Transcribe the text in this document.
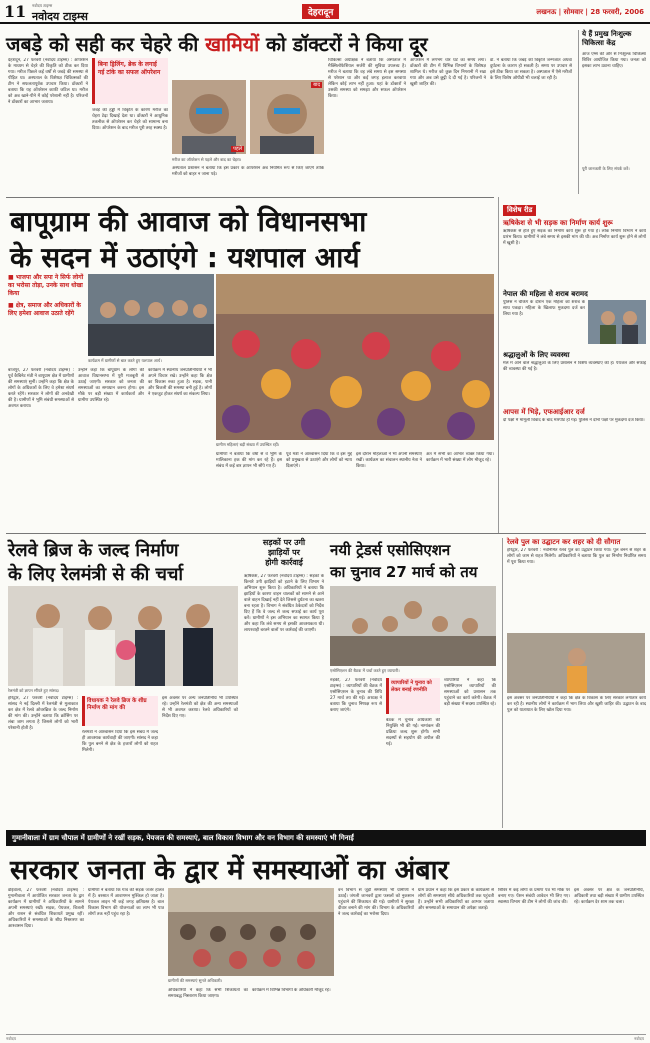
11 नवोदय टाइम्स
नवोदय टाइम्स	देहरादून	लखनऊ | सोमवार | 28 फरवरी, 2006
जबड़े को सही कर चेहरे की खामियों को डॉक्टरों ने किया दूर
देहरादून, 27 फरवरी (नवोदय टाइम्स) : ऑपरेशन के माध्यम से चेहरे की विकृति को ठीक कर दिया गया। मरीज पिछले कई वर्षों से जबड़े की समस्या से पीड़ित था। अस्पताल के विशेषज्ञ चिकित्सकों की टीम ने सफलतापूर्वक उपचार किया। डॉक्टरों ने बताया कि यह ऑपरेशन काफी जटिल था। मरीज को अब खाने-पीने में कोई परेशानी नहीं है। परिजनों ने डॉक्टरों का आभार जताया।
बिना ड्रिलिंग, ब्रेक के लगाई गई टांके का सफल ऑपरेशन
जबड़े की हड्डी में विकृति के कारण मरीज का चेहरा टेढ़ा दिखाई देता था। डॉक्टरों ने आधुनिक तकनीक से ऑपरेशन कर चेहरे को सामान्य बना दिया। ऑपरेशन के बाद मरीज पूरी तरह स्वस्थ है।
पहले
बाद
मरीज का ऑपरेशन से पहले और बाद का चेहरा।
अस्पताल प्रशासन ने बताया कि इस प्रकार के ऑपरेशन अब नियमित रूप से किए जाएंगे ताकि मरीजों को बाहर न जाना पड़े।
चिकित्सा अधीक्षक ने बताया कि अस्पताल में मैक्सिलोफेशियल सर्जरी की सुविधा उपलब्ध है। मरीज ने बताया कि वह लंबे समय से इस समस्या से परेशान था और कई जगह इलाज करवाया लेकिन कोई लाभ नहीं हुआ। यहां के डॉक्टरों ने उसकी समस्या को समझा और सफल ऑपरेशन किया।
ऑपरेशन में लगभग चार घंटे का समय लगा। डॉक्टरों की टीम में विभिन्न विभागों के विशेषज्ञ शामिल थे। मरीज को कुछ दिन निगरानी में रखा गया और अब उसे छुट्टी दे दी गई है। परिजनों ने खुशी जाहिर की।
डॉ. ने बताया कि जबड़े की विकृति जन्मजात अथवा दुर्घटना के कारण हो सकती है। समय पर उपचार से इसे ठीक किया जा सकता है। अस्पताल में ऐसे मरीजों के लिए विशेष ओपीडी भी चलाई जा रही है।
ये हैं प्रमुख निःशुल्क चिकित्सा केंद्र
आज एम्स की ओर से निःशुल्क चिकित्सा शिविर आयोजित किया गया। जनता को इसका लाभ उठाना चाहिए।
पूरी जानकारी के लिए संपर्क करें।
बापूग्राम की आवाज को विधानसभा
के सदन में उठाएंगे : यशपाल आर्य
■ भाजपा और सपा ने सिर्फ लोगों का भरोसा तोड़ा, उनके साथ धोखा किया
■ क्षेत्र, समाज और अधिकारों के लिए हमेशा आवाज उठाते रहेंगे
कार्यक्रम में ग्रामीणों से बात करते हुए यशपाल आर्य।
ग्रामीण महिलाएं बड़ी संख्या में उपस्थित रहीं।
बाजपुर, 27 फरवरी (नवोदय टाइम्स) : पूर्व कैबिनेट मंत्री ने बापूग्राम क्षेत्र में ग्रामीणों की समस्याएं सुनीं। उन्होंने कहा कि क्षेत्र के लोगों के अधिकारों के लिए वे हमेशा संघर्ष करते रहेंगे। सरकार ने लोगों की अनदेखी की है। ग्रामीणों ने भूमि संबंधी समस्याओं से अवगत कराया।
उन्होंने कहा कि बापूग्राम के लोगों की आवाज विधानसभा में पूरी मजबूती से उठाई जाएगी। सरकार को जनता की समस्याओं का समाधान करना होगा। इस मौके पर बड़ी संख्या में कार्यकर्ता और ग्रामीण उपस्थित रहे।
कार्यक्रम में स्थानीय जनप्रतिनिधियों ने भी अपने विचार रखे। उन्होंने कहा कि क्षेत्र का विकास रुका हुआ है। सड़क, पानी और बिजली की समस्या बनी हुई है। लोगों ने एकजुट होकर संघर्ष का संकल्प लिया।
ग्रामीणों ने बताया कि वर्षों से वे भूमि के मालिकाना हक की मांग कर रहे हैं। इस संबंध में कई बार ज्ञापन भी सौंपे गए हैं।
पूर्व मंत्री ने आश्वासन दिया कि वे इस मुद्दे को प्रमुखता से उठाएंगे और लोगों को न्याय दिलाएंगे।
इस दौरान महिलाओं ने भी अपनी समस्याएं रखीं। कार्यक्रम का संचालन स्थानीय नेता ने किया।
अंत में सभी का आभार व्यक्त किया गया। कार्यक्रम में भारी संख्या में लोग मौजूद रहे।
विशेष रीड
ऋषिकेश से भी सड़क का निर्माण कार्य शुरू
ऋषिकेश से होते हुए सड़क का निर्माण कार्य शुरू हो गया है। लोक निर्माण विभाग ने कार्य प्रारंभ किया। ग्रामीणों ने लंबे समय से इसकी मांग की थी। अब निर्माण कार्य शुरू होने से लोगों में खुशी है।
नेपाल की महिला से शराब बरामद
पुलिस ने चेकिंग के दौरान एक महिला को शराब के साथ पकड़ा। महिला के खिलाफ मुकदमा दर्ज कर लिया गया है।
श्रद्धालुओं के लिए व्यवस्था
मेले में आने वाले श्रद्धालुओं के लिए प्रशासन ने विशेष व्यवस्थाएं की हैं। पेयजल और सफाई की व्यवस्था की गई है।
आपस में भिड़े, एफआईआर दर्ज
दो पक्षों में मामूली विवाद के बाद मारपीट हो गई। पुलिस ने दोनों पक्षों पर मुकदमा दर्ज किया।
रेलवे ब्रिज के जल्द निर्माण
के लिए रेलमंत्री से की चर्चा
रेलमंत्री को ज्ञापन सौंपते हुए सांसद।
हरिद्वार, 27 फरवरी (नवोदय टाइम्स) : सांसद ने नई दिल्ली में रेलमंत्री से मुलाकात कर क्षेत्र में रेलवे ओवरब्रिज के जल्द निर्माण की मांग की। उन्होंने बताया कि क्रॉसिंग पर लंबा जाम लगता है जिससे लोगों को भारी परेशानी होती है।
विधायक ने रेलवे ब्रिज के शीघ्र निर्माण की मांग की
रेलमंत्री ने आश्वासन दिया कि इस संबंध में जल्द ही आवश्यक कार्यवाही की जाएगी। सांसद ने कहा कि पुल बनने से क्षेत्र के हजारों लोगों को राहत मिलेगी।
इस अवसर पर अन्य जनप्रतिनिधि भी उपस्थित रहे। उन्होंने रेलमंत्री को क्षेत्र की अन्य समस्याओं से भी अवगत कराया। रेलवे अधिकारियों को निर्देश दिए गए।
सड़कों पर उगी
झाड़ियों पर
होगी कार्रवाई
ऋषिकेश, 27 फरवरी (नवोदय टाइम्स) : सड़कों के किनारे उगी झाड़ियों को हटाने के लिए विभाग ने अभियान शुरू किया है। अधिकारियों ने बताया कि झाड़ियों के कारण वाहन चालकों को सामने से आने वाले वाहन दिखाई नहीं देते जिससे दुर्घटना का खतरा बना रहता है। विभाग ने संबंधित ठेकेदारों को निर्देश दिए हैं कि वे जल्द से जल्द सफाई का कार्य पूरा करें। ग्रामीणों ने इस अभियान का स्वागत किया है और कहा कि लंबे समय से इसकी आवश्यकता थी। लापरवाही बरतने वालों पर कार्रवाई की जाएगी।
नयी ट्रेडर्स एसोसिएशन
का चुनाव 27 मार्च को तय
एसोसिएशन की बैठक में चर्चा करते हुए व्यापारी।
रुड़की, 27 फरवरी (नवोदय टाइम्स) : व्यापारियों की बैठक में एसोसिएशन के चुनाव की तिथि 27 मार्च तय की गई। अध्यक्ष ने बताया कि चुनाव निष्पक्ष रूप से कराए जाएंगे।
व्यापारियों ने चुनाव को लेकर बनाई रणनीति
बैठक में चुनाव अधिकारी की नियुक्ति भी की गई। नामांकन की प्रक्रिया जल्द शुरू होगी। सभी सदस्यों से सहयोग की अपील की गई।
व्यापारियों ने कहा कि एसोसिएशन व्यापारियों की समस्याओं को प्रशासन तक पहुंचाने का कार्य करेगी। बैठक में बड़ी संख्या में सदस्य उपस्थित रहे।
रेलवे पुल का उद्घाटन कर शहर को दी सौगात
हरिद्वार, 27 फरवरी : नवनिर्मित रेलवे पुल का उद्घाटन किया गया। पुल बनने से शहर के लोगों को जाम से राहत मिलेगी। अधिकारियों ने बताया कि पुल का निर्माण निर्धारित समय में पूरा किया गया।
इस अवसर पर जनप्रतिनिधियों ने कहा कि क्षेत्र के विकास के लिए सरकार लगातार कार्य कर रही है। स्थानीय लोगों ने कार्यक्रम में भाग लिया और खुशी जाहिर की। उद्घाटन के बाद पुल को यातायात के लिए खोल दिया गया।
गुमानीवाला में ग्राम चौपाल में ग्रामीणों ने रखीं सड़क, पेयजल की समस्याएं, बाल विकास विभाग और वन विभाग की समस्याएं भी गिनाईं
सरकार जनता के द्वार में समस्याओं का अंबार
डोईवाला, 27 फरवरी (नवोदय टाइम्स) : गुमानीवाला में आयोजित सरकार जनता के द्वार कार्यक्रम में ग्रामीणों ने अधिकारियों के सामने अपनी समस्याएं रखीं। सड़क, पेयजल, बिजली और राशन से संबंधित शिकायतें प्रमुख रहीं। अधिकारियों ने समस्याओं के शीघ्र निस्तारण का आश्वासन दिया।
ग्रामीणों ने बताया कि गांव की सड़कें जर्जर हालत में हैं। बरसात में आवागमन मुश्किल हो जाता है। पेयजल लाइन भी कई जगह क्षतिग्रस्त है। बाल विकास विभाग की योजनाओं का लाभ भी पात्र लोगों तक नहीं पहुंच रहा है।
ग्रामीणों की समस्याएं सुनते अधिकारी।
अधिकारियों ने कहा कि सभी शिकायतों का समयबद्ध निस्तारण किया जाएगा।
कार्यक्रम में विभिन्न विभागों के अधिकारी मौजूद रहे।
वन विभाग से जुड़ी समस्याएं भी ग्रामीणों ने उठाईं। जंगली जानवरों द्वारा फसलों को नुकसान पहुंचाने की शिकायत की गई। ग्रामीणों ने सुरक्षा दीवार बनाने की मांग की। विभाग के अधिकारियों ने जल्द कार्रवाई का भरोसा दिया।
ग्राम प्रधान ने कहा कि इस प्रकार के कार्यक्रमों से लोगों की समस्याएं सीधे अधिकारियों तक पहुंचती हैं। उन्होंने सभी अधिकारियों का आभार जताया और समस्याओं के समाधान की अपेक्षा जताई।
शिविर में कई लोगों के प्रमाण पत्र भी मौके पर बनाए गए। पेंशन संबंधी आवेदन भी लिए गए। स्वास्थ्य विभाग की टीम ने लोगों की जांच की।
इस अवसर पर क्षेत्र के जनप्रतिनिधि, अधिकारी तथा बड़ी संख्या में ग्रामीण उपस्थित रहे। कार्यक्रम देर शाम तक चला।
नवोदय	नवोदय
